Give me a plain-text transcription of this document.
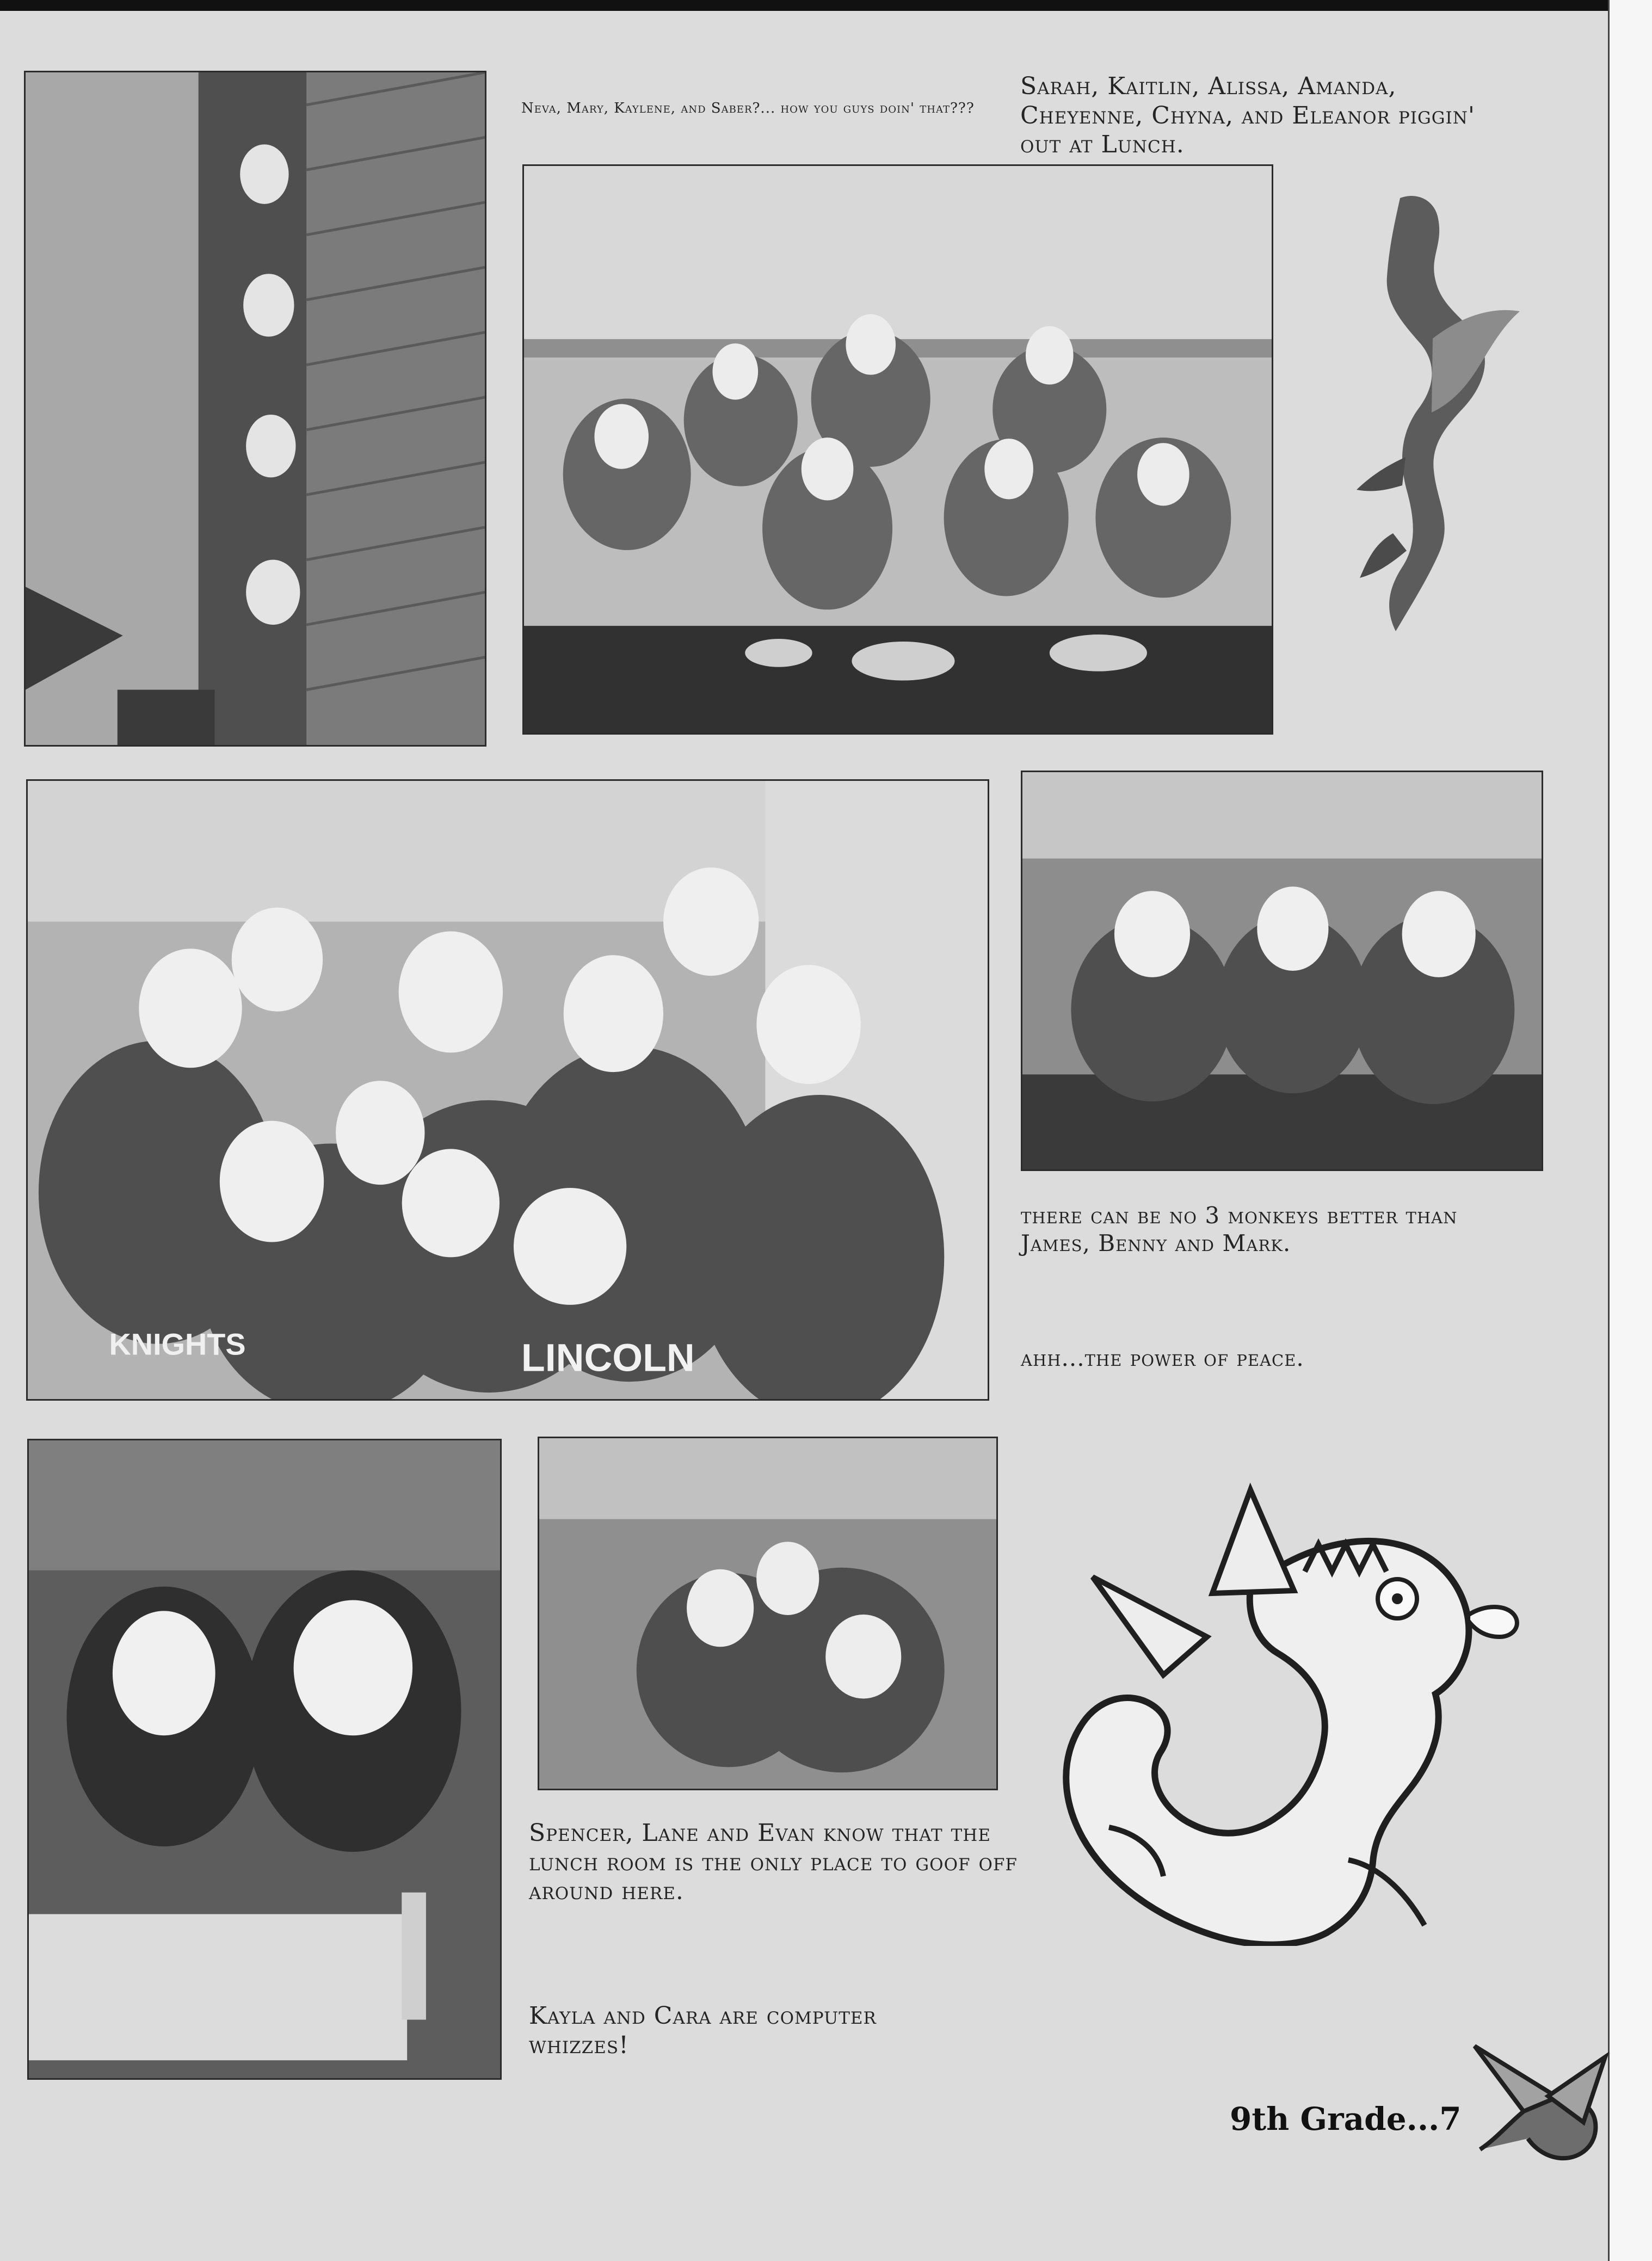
LINCOLN
KNIGHTS
Neva, Mary, Kaylene, and Saber?... how you guys doin' that???
Sarah, Kaitlin, Alissa, Amanda, Cheyenne, Chyna, and Eleanor piggin' out at Lunch.
there can be no 3 monkeys better than James, Benny and Mark.
ahh...the power of peace.
Spencer, Lane and Evan know that the lunch room is the only place to goof off around here.
Kayla and Cara are computer whizzes!
9th Grade...7
